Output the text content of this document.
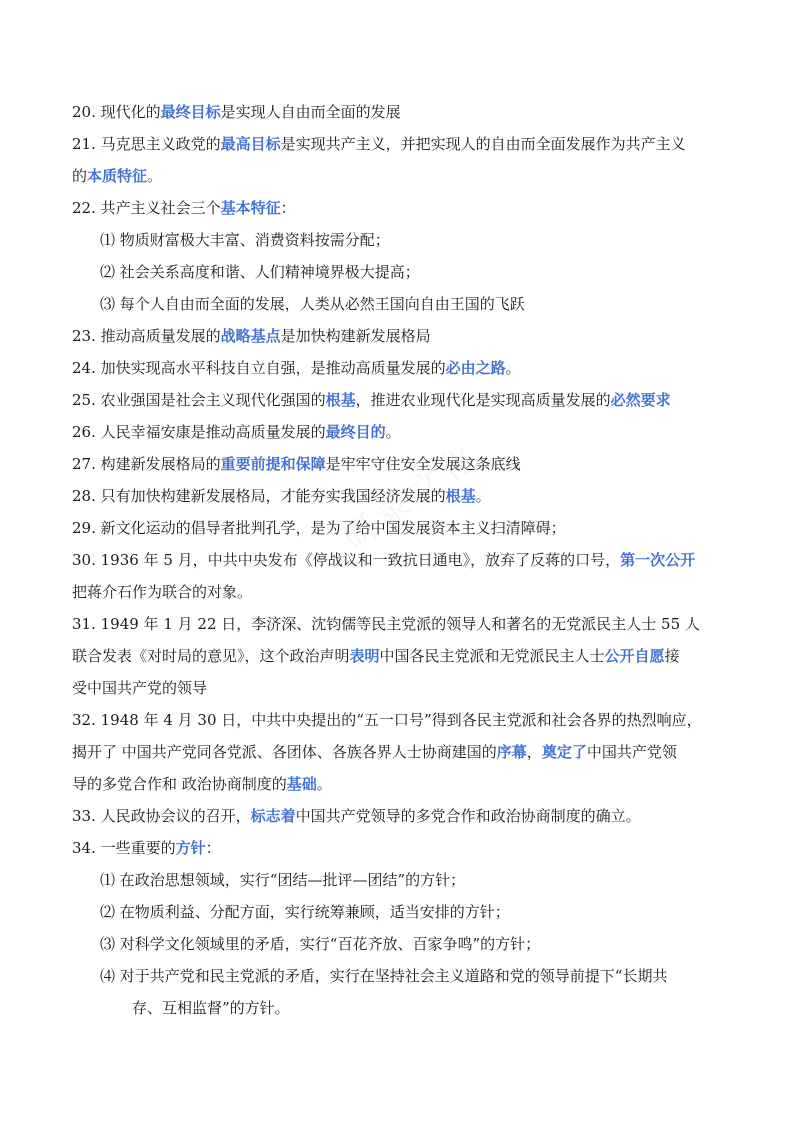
20. 现代化的最终目标是实现人自由而全面的发展
21. 马克思主义政党的最高目标是实现共产主义，并把实现人的自由而全面发展作为共产主义
的本质特征。
22. 共产主义社会三个基本特征：
⑴ 物质财富极大丰富、消费资料按需分配；
⑵ 社会关系高度和谐、人们精神境界极大提高；
⑶ 每个人自由而全面的发展，人类从必然王国向自由王国的飞跃
23. 推动高质量发展的战略基点是加快构建新发展格局
24. 加快实现高水平科技自立自强，是推动高质量发展的必由之路。
25. 农业强国是社会主义现代化强国的根基，推进农业现代化是实现高质量发展的必然要求
26. 人民幸福安康是推动高质量发展的最终目的。
27. 构建新发展格局的重要前提和保障是牢牢守住安全发展这条底线
28. 只有加快构建新发展格局，才能夯实我国经济发展的根基。
29. 新文化运动的倡导者批判孔学，是为了给中国发展资本主义扫清障碍；
30. 1936 年 5 月，中共中央发布《停战议和一致抗日通电》，放弃了反蒋的口号，第一次公开
把蒋介石作为联合的对象。
31. 1949 年 1 月 22 日，李济深、沈钧儒等民主党派的领导人和著名的无党派民主人士 55 人
联合发表《对时局的意见》，这个政治声明表明中国各民主党派和无党派民主人士公开自愿接
受中国共产党的领导
32. 1948 年 4 月 30 日，中共中央提出的“五一口号”得到各民主党派和社会各界的热烈响应，
揭开了 中国共产党同各党派、各团体、各族各界人士协商建国的序幕，奠定了中国共产党领
导的多党合作和 政治协商制度的基础。
33. 人民政协会议的召开，标志着中国共产党领导的多党合作和政治协商制度的确立。
34. 一些重要的方针：
⑴ 在政治思想领域，实行“团结—批评—团结”的方针；
⑵ 在物质利益、分配方面，实行统筹兼顾，适当安排的方针；
⑶ 对科学文化领域里的矛盾，实行“百花齐放、百家争鸣”的方针；
⑷ 对于共产党和民主党派的矛盾，实行在坚持社会主义道路和党的领导前提下“长期共
存、互相监督”的方针。
